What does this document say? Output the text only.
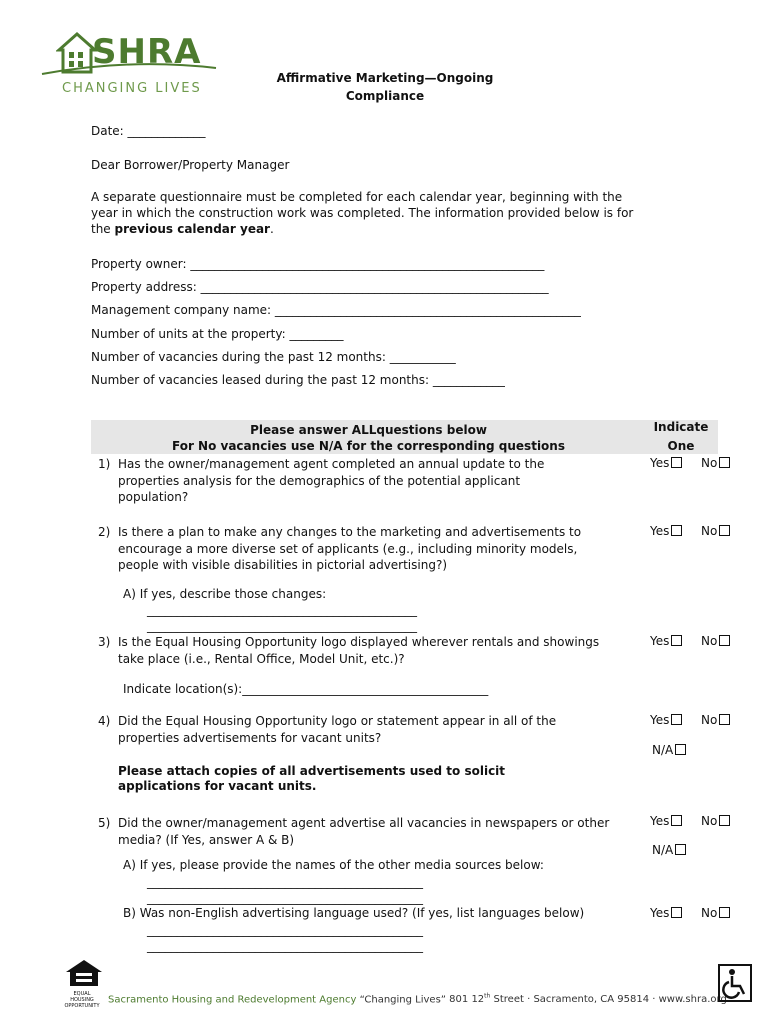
SHRA
CHANGING LIVES
Affirmative Marketing—Ongoing
Compliance
Date: _____________
Dear Borrower/Property Manager
A separate questionnaire must be completed for each calendar year, beginning with the
year in which the construction work was completed. The information provided below is for
the previous calendar year.
Property owner: ___________________________________________________________
Property address: __________________________________________________________
Management company name: ___________________________________________________
Number of units at the property: _________
Number of vacancies during the past 12 months: ___________
Number of vacancies leased during the past 12 months: ____________
Please answer ALLquestions below
For No vacancies use N/A for the corresponding questions
Indicate
One
1) Has the owner/management agent completed an annual update to the
properties analysis for the demographics of the potential applicant
population?
Yes	No
2) Is there a plan to make any changes to the marketing and advertisements to
encourage a more diverse set of applicants (e.g., including minority models,
people with visible disabilities in pictorial advertising?)
Yes	No
A) If yes, describe those changes:
_____________________________________________
_____________________________________________
3) Is the Equal Housing Opportunity logo displayed wherever rentals and showings
take place (i.e., Rental Office, Model Unit, etc.)?
Yes	No
Indicate location(s):_________________________________________
4) Did the Equal Housing Opportunity logo or statement appear in all of the
properties advertisements for vacant units?
Yes	No
N/A
Please attach copies of all advertisements used to solicit
applications for vacant units.
5) Did the owner/management agent advertise all vacancies in newspapers or other
media? (If Yes, answer A & B)
Yes	No
N/A
A) If yes, please provide the names of the other media sources below:
______________________________________________
______________________________________________
B) Was non-English advertising language used? (If yes, list languages below)	Yes	No
______________________________________________
______________________________________________
EQUAL HOUSING OPPORTUNITY
Sacramento Housing and Redevelopment Agency “Changing Lives” 801 12th Street · Sacramento, CA 95814 · www.shra.org
